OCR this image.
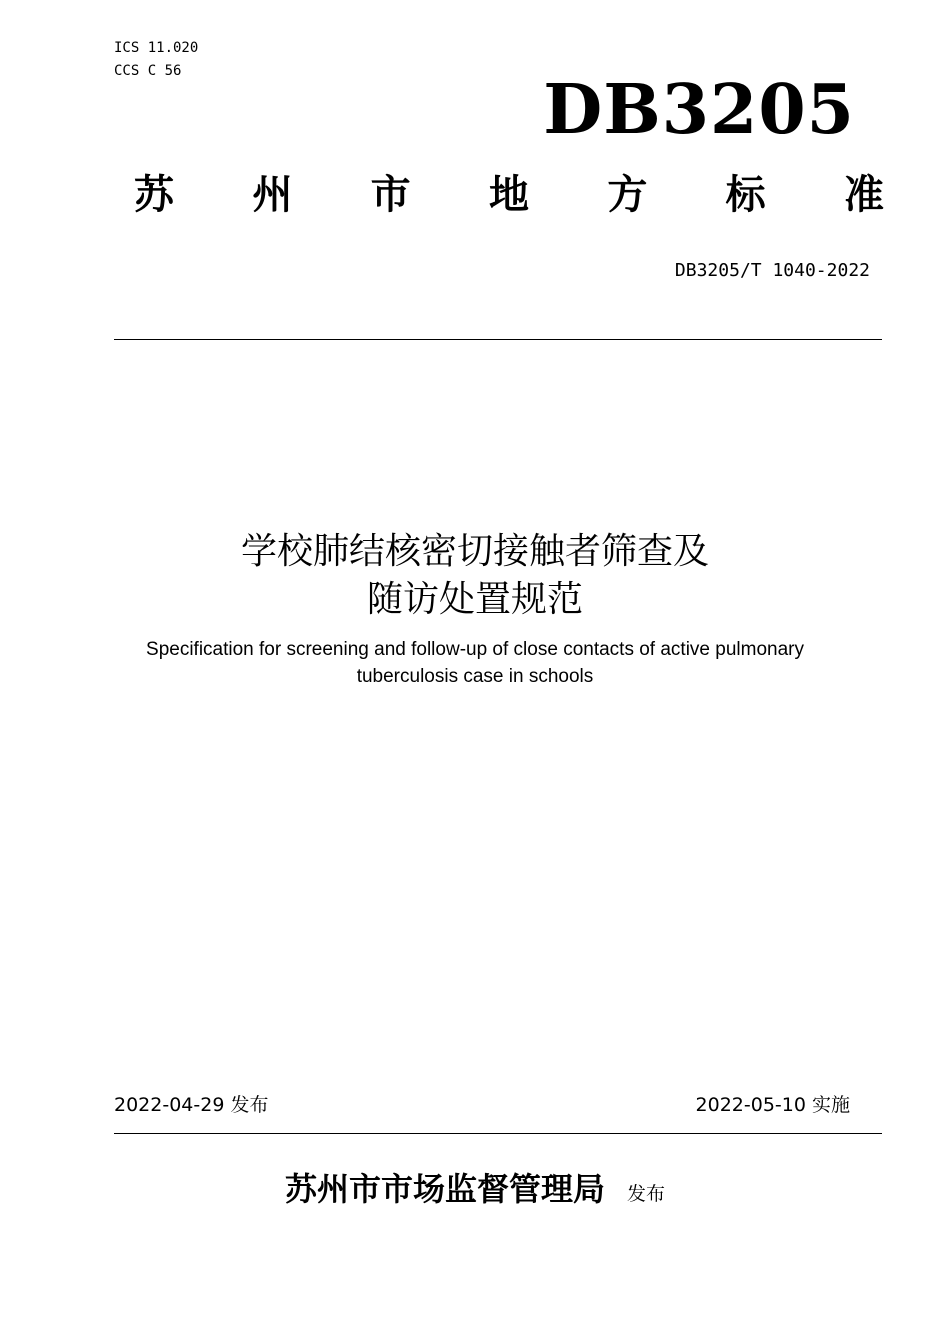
ICS 11.020
CCS C 56	DB3205
苏 州 市 地 方 标 准
DB3205/T 1040-2022
学校肺结核密切接触者筛查及
随访处置规范
Specification for screening and follow-up of close contacts of active pulmonary
tuberculosis case in schools
2022-04-29 发布	2022-05-10 实施
苏州市市场监督管理局 发布
